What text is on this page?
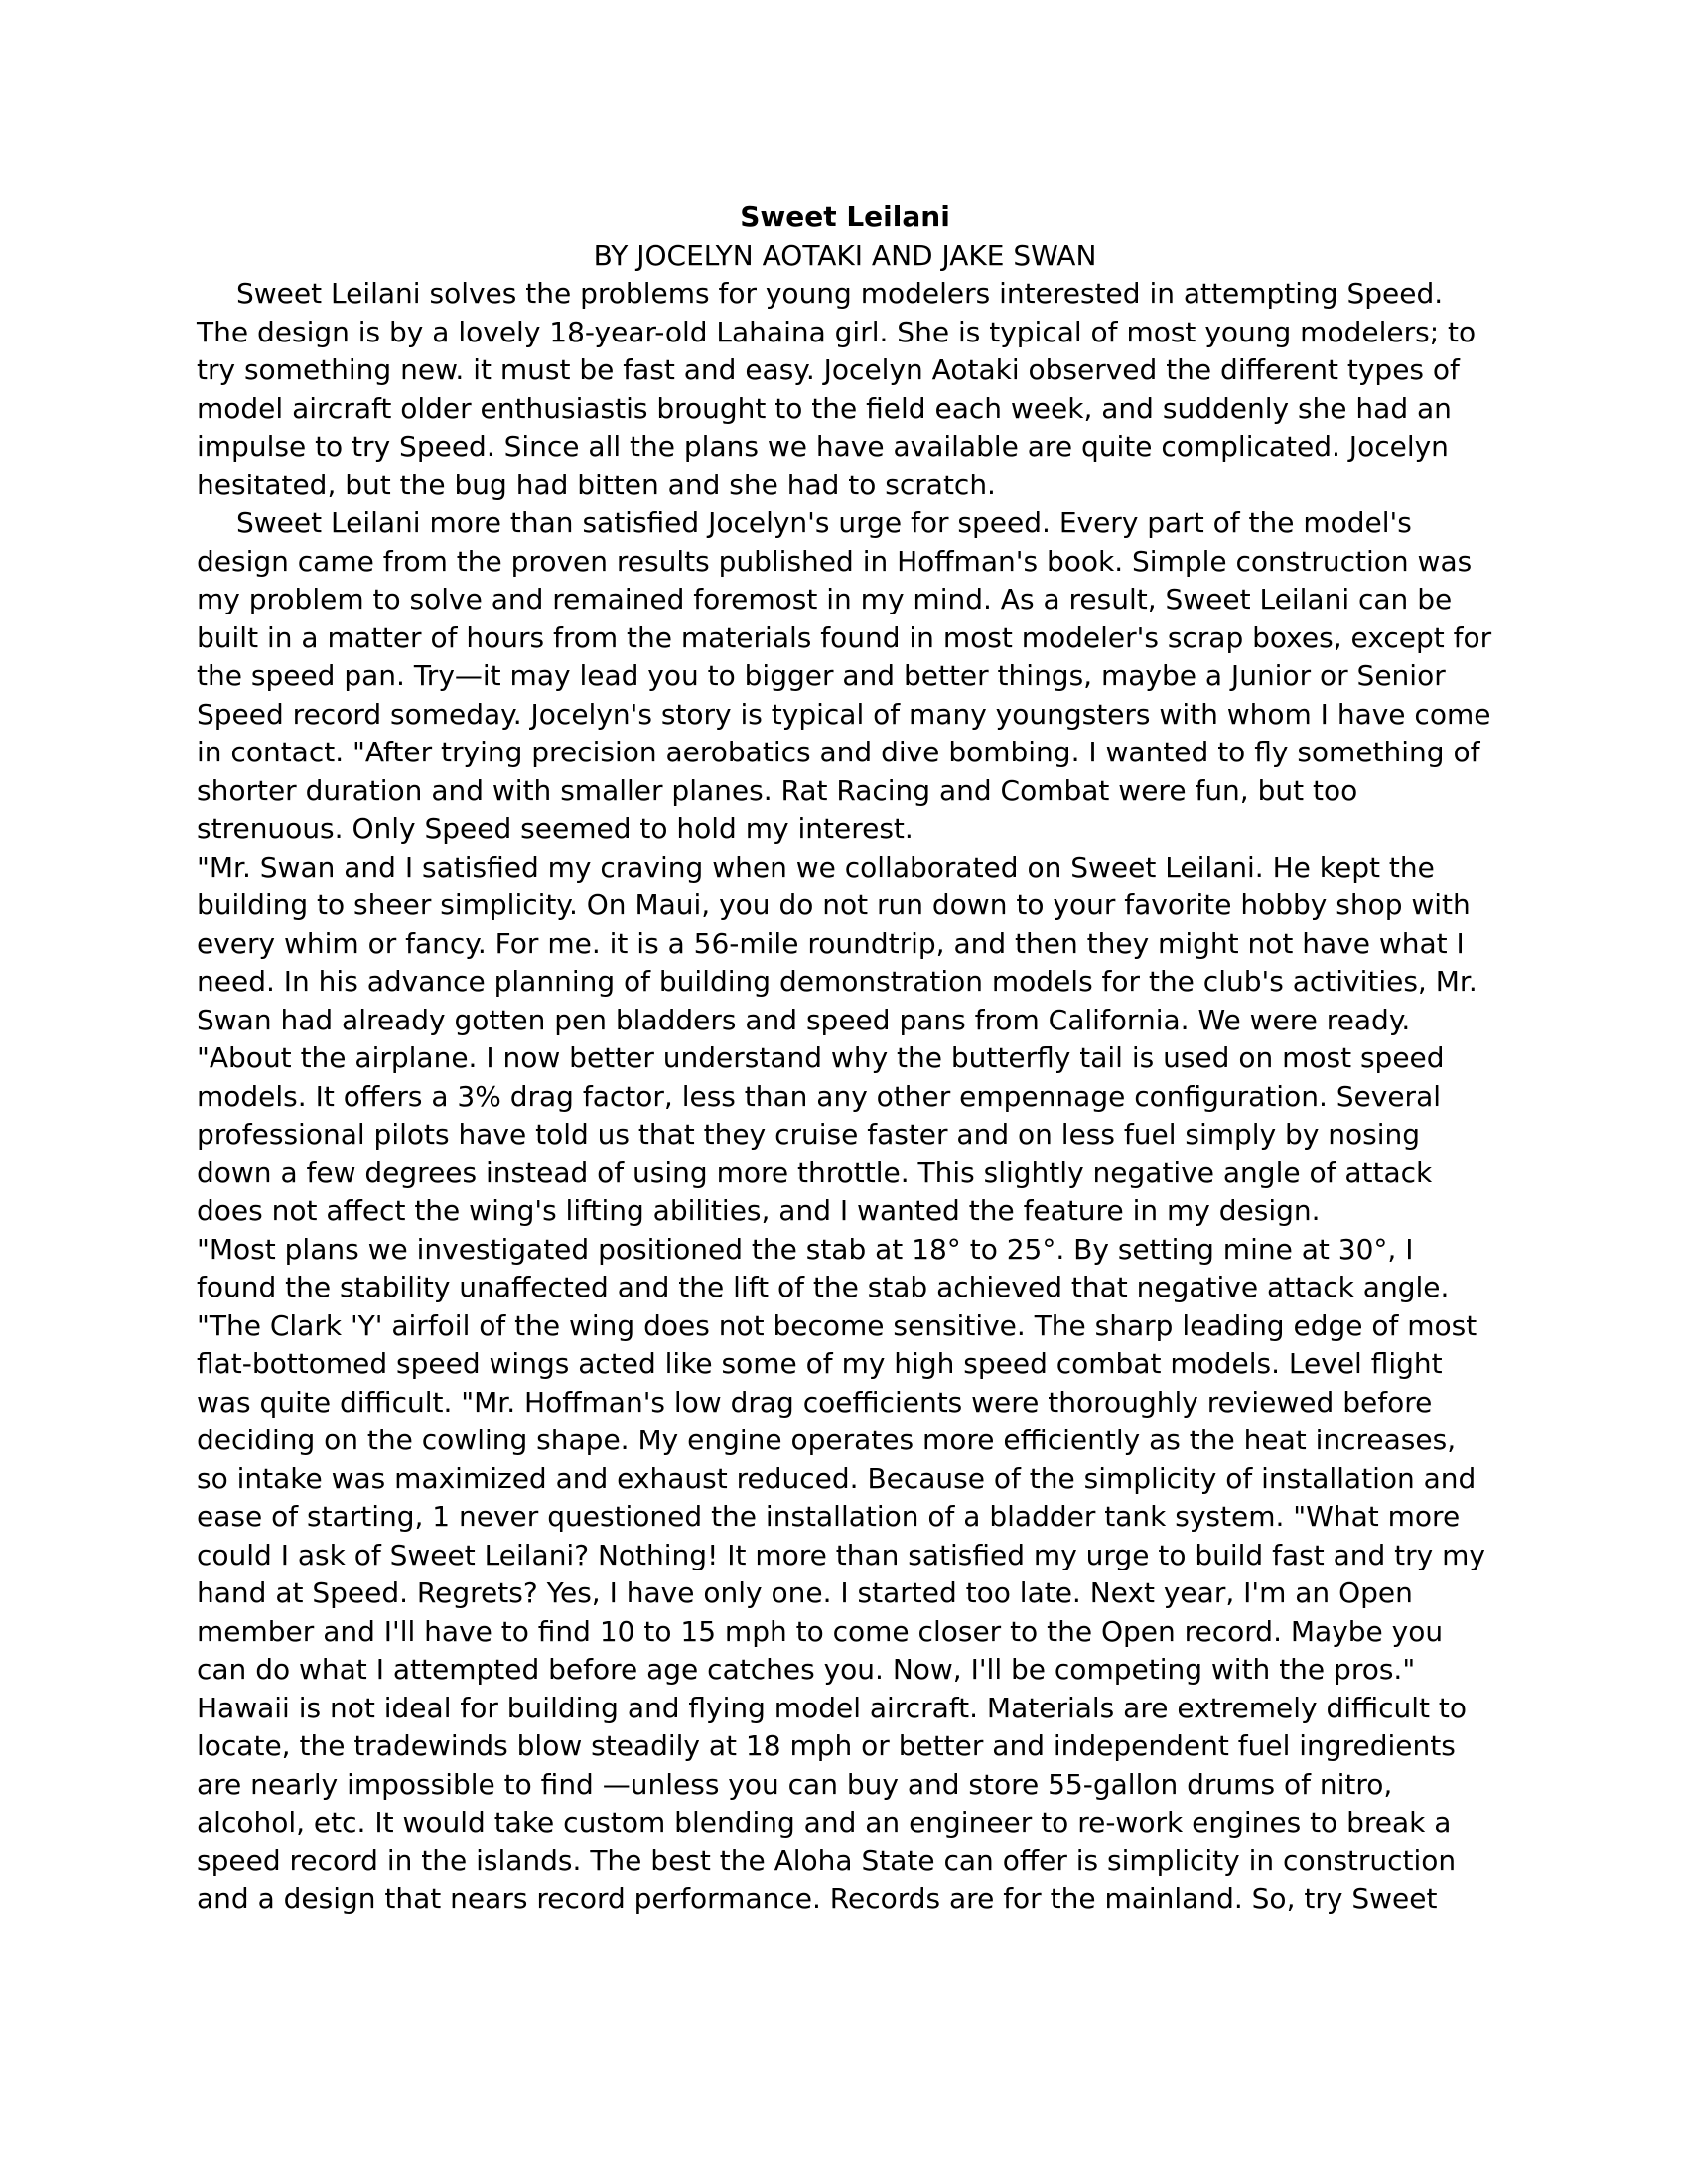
Sweet Leilani
BY JOCELYN AOTAKI AND JAKE SWAN

Sweet Leilani solves the problems for young modelers interested in attempting Speed. The design is by a lovely 18-year-old Lahaina girl. She is typical of most young modelers; to try something new. it must be fast and easy. Jocelyn Aotaki observed the different types of model aircraft older enthusiastis brought to the field each week, and suddenly she had an impulse to try Speed. Since all the plans we have available are quite complicated. Jocelyn hesitated, but the bug had bitten and she had to scratch.

Sweet Leilani more than satisfied Jocelyn's urge for speed. Every part of the model's design came from the proven results published in Hoffman's book. Simple construction was my problem to solve and remained foremost in my mind. As a result, Sweet Leilani can be built in a matter of hours from the materials found in most modeler's scrap boxes, except for the speed pan. Try—it may lead you to bigger and better things, maybe a Junior or Senior Speed record someday. Jocelyn's story is typical of many youngsters with whom I have come in contact. "After trying precision aerobatics and dive bombing. I wanted to fly something of shorter duration and with smaller planes. Rat Racing and Combat were fun, but too strenuous. Only Speed seemed to hold my interest.

"Mr. Swan and I satisfied my craving when we collaborated on Sweet Leilani. He kept the building to sheer simplicity. On Maui, you do not run down to your favorite hobby shop with every whim or fancy. For me. it is a 56-mile roundtrip, and then they might not have what I need. In his advance planning of building demonstration models for the club's activities, Mr. Swan had already gotten pen bladders and speed pans from California. We were ready.

"About the airplane. I now better understand why the butterfly tail is used on most speed models. It offers a 3% drag factor, less than any other empennage configuration. Several professional pilots have told us that they cruise faster and on less fuel simply by nosing down a few degrees instead of using more throttle. This slightly negative angle of attack does not affect the wing's lifting abilities, and I wanted the feature in my design.

"Most plans we investigated positioned the stab at 18° to 25°. By setting mine at 30°, I found the stability unaffected and the lift of the stab achieved that negative attack angle.

"The Clark 'Y' airfoil of the wing does not become sensitive. The sharp leading edge of most flat-bottomed speed wings acted like some of my high speed combat models. Level flight was quite difficult. "Mr. Hoffman's low drag coefficients were thoroughly reviewed before deciding on the cowling shape. My engine operates more efficiently as the heat increases, so intake was maximized and exhaust reduced. Because of the simplicity of installation and ease of starting, 1 never questioned the installation of a bladder tank system. "What more could I ask of Sweet Leilani? Nothing! It more than satisfied my urge to build fast and try my hand at Speed. Regrets? Yes, I have only one. I started too late. Next year, I'm an Open member and I'll have to find 10 to 15 mph to come closer to the Open record. Maybe you can do what I attempted before age catches you. Now, I'll be competing with the pros." Hawaii is not ideal for building and flying model aircraft. Materials are extremely difficult to locate, the tradewinds blow steadily at 18 mph or better and independent fuel ingredients are nearly impossible to find —unless you can buy and store 55-gallon drums of nitro, alcohol, etc. It would take custom blending and an engineer to re-work engines to break a speed record in the islands. The best the Aloha State can offer is simplicity in construction and a design that nears record performance. Records are for the mainland. So, try Sweet
